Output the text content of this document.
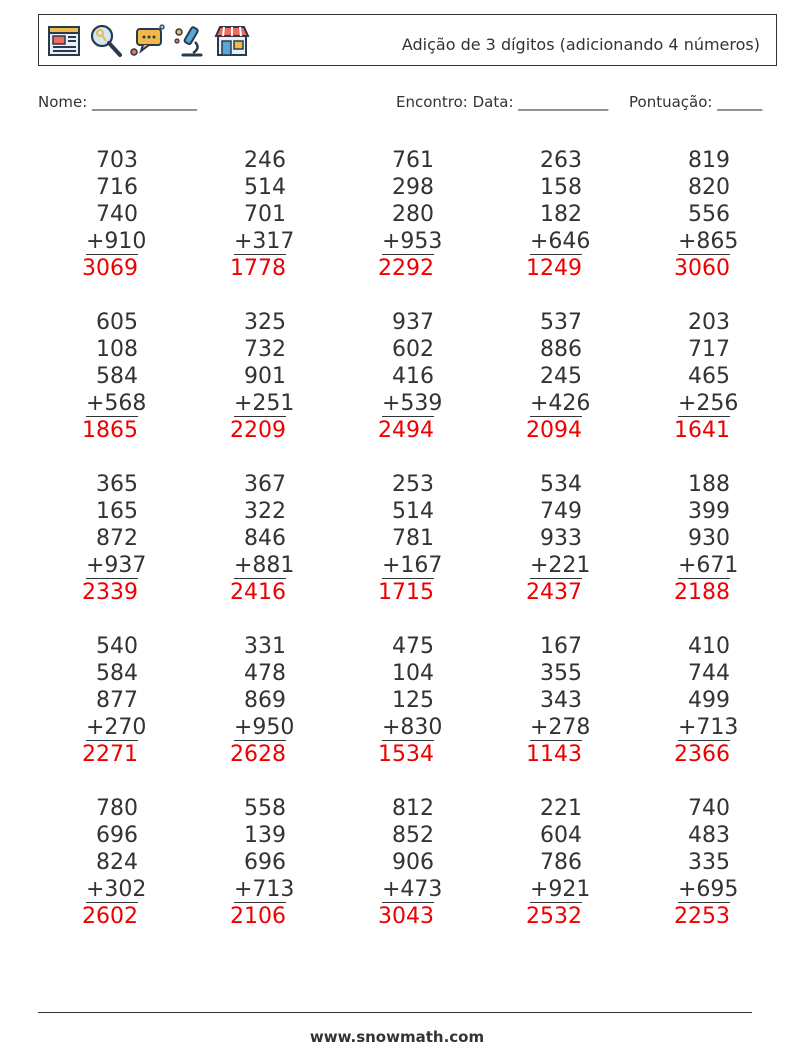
Adição de 3 dígitos (adicionando 4 números)
Nome: ______________	Encontro: Data: ____________ Pontuação: ______
703
716
740
+910
3069
246
514
701
+317
1778
761
298
280
+953
2292
263
158
182
+646
1249
819
820
556
+865
3060
605
108
584
+568
1865
325
732
901
+251
2209
937
602
416
+539
2494
537
886
245
+426
2094
203
717
465
+256
1641
365
165
872
+937
2339
367
322
846
+881
2416
253
514
781
+167
1715
534
749
933
+221
2437
188
399
930
+671
2188
540
584
877
+270
2271
331
478
869
+950
2628
475
104
125
+830
1534
167
355
343
+278
1143
410
744
499
+713
2366
780
696
824
+302
2602
558
139
696
+713
2106
812
852
906
+473
3043
221
604
786
+921
2532
740
483
335
+695
2253
www.snowmath.com
